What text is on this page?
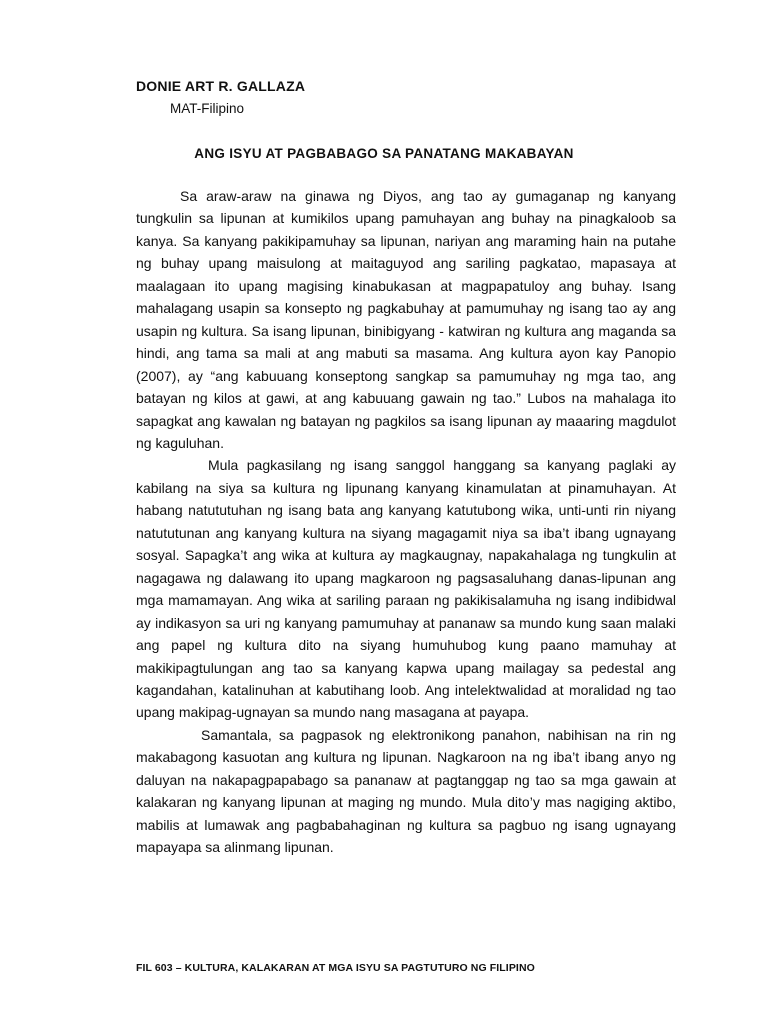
DONIE ART R. GALLAZA
MAT-Filipino
ANG ISYU AT PAGBABAGO SA PANATANG MAKABAYAN

Sa araw-araw na ginawa ng Diyos, ang tao ay gumaganap ng kanyang tungkulin sa lipunan at kumikilos upang pamuhayan ang buhay na pinagkaloob sa kanya. Sa kanyang pakikipamuhay sa lipunan, nariyan ang maraming hain na putahe ng buhay upang maisulong at maitaguyod ang sariling pagkatao, mapasaya at maalagaan ito upang magising kinabukasan at magpapatuloy ang buhay. Isang mahalagang usapin sa konsepto ng pagkabuhay at pamumuhay ng isang tao ay ang usapin ng kultura. Sa isang lipunan, binibigyang - katwiran ng kultura ang maganda sa hindi, ang tama sa mali at ang mabuti sa masama. Ang kultura ayon kay Panopio (2007), ay “ang kabuuang konseptong sangkap sa pamumuhay ng mga tao, ang batayan ng kilos at gawi, at ang kabuuang gawain ng tao.” Lubos na mahalaga ito sapagkat ang kawalan ng batayan ng pagkilos sa isang lipunan ay maaaring magdulot ng kaguluhan.

Mula pagkasilang ng isang sanggol hanggang sa kanyang paglaki ay kabilang na siya sa kultura ng lipunang kanyang kinamulatan at pinamuhayan. At habang natututuhan ng isang bata ang kanyang katutubong wika, unti-unti rin niyang natututunan ang kanyang kultura na siyang magagamit niya sa iba’t ibang ugnayang sosyal. Sapagka’t ang wika at kultura ay magkaugnay, napakahalaga ng tungkulin at nagagawa ng dalawang ito upang magkaroon ng pagsasaluhang danas-lipunan ang mga mamamayan. Ang wika at sariling paraan ng pakikisalamuha ng isang indibidwal ay indikasyon sa uri ng kanyang pamumuhay at pananaw sa mundo kung saan malaki ang papel ng kultura dito na siyang humuhubog kung paano mamuhay at makikipagtulungan ang tao sa kanyang kapwa upang mailagay sa pedestal ang kagandahan, katalinuhan at kabutihang loob. Ang intelektwalidad at moralidad ng tao upang makipag-ugnayan sa mundo nang masagana at payapa.

Samantala, sa pagpasok ng elektronikong panahon, nabihisan na rin ng makabagong kasuotan ang kultura ng lipunan. Nagkaroon na ng iba’t ibang anyo ng daluyan na nakapagpapabago sa pananaw at pagtanggap ng tao sa mga gawain at kalakaran ng kanyang lipunan at maging ng mundo. Mula dito’y mas nagiging aktibo, mabilis at lumawak ang pagbabahaginan ng kultura sa pagbuo ng isang ugnayang mapayapa sa alinmang lipunan.

FIL 603 – KULTURA, KALAKARAN AT MGA ISYU SA PAGTUTURO NG FILIPINO
